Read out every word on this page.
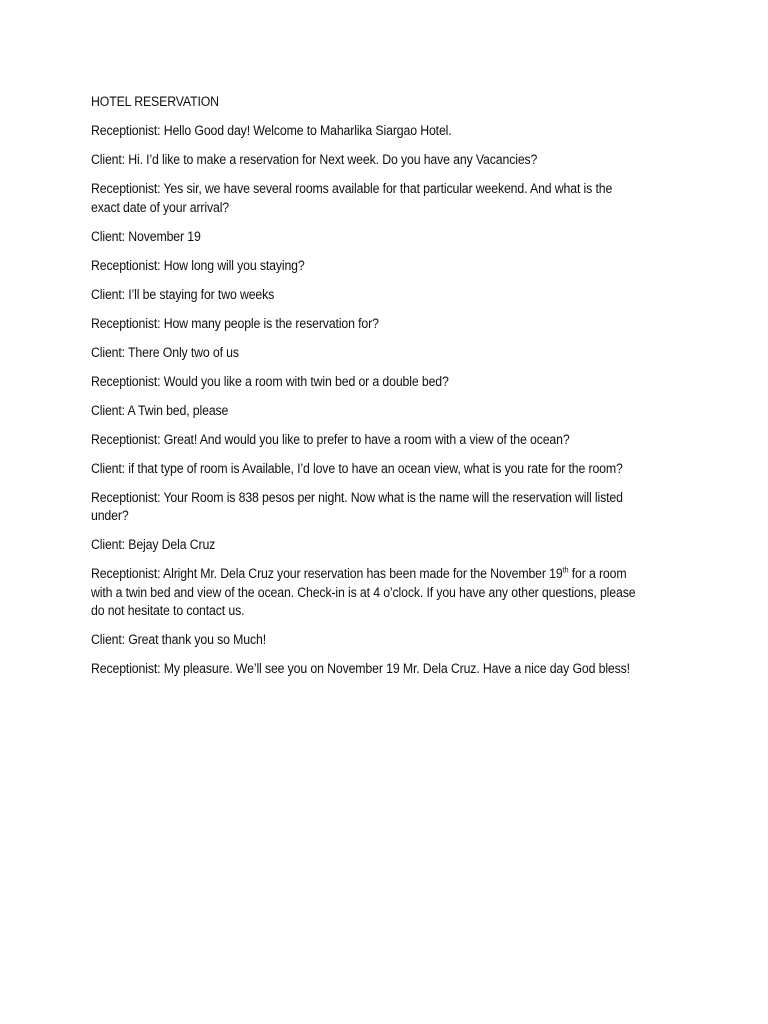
HOTEL RESERVATION

Receptionist: Hello Good day! Welcome to Maharlika Siargao Hotel.

Client: Hi. I’d like to make a reservation for Next week. Do you have any Vacancies?

Receptionist: Yes sir, we have several rooms available for that particular weekend. And what is the exact date of your arrival?

Client: November 19

Receptionist: How long will you staying?

Client: I’ll be staying for two weeks

Receptionist: How many people is the reservation for?

Client: There Only two of us

Receptionist: Would you like a room with twin bed or a double bed?

Client: A Twin bed, please

Receptionist: Great! And would you like to prefer to have a room with a view of the ocean?

Client: if that type of room is Available, I’d love to have an ocean view, what is you rate for the room?

Receptionist: Your Room is 838 pesos per night. Now what is the name will the reservation will listed under?

Client: Bejay Dela Cruz

Receptionist: Alright Mr. Dela Cruz your reservation has been made for the November 19th for a room with a twin bed and view of the ocean. Check-in is at 4 o’clock. If you have any other questions, please do not hesitate to contact us.

Client: Great thank you so Much!

Receptionist: My pleasure. We’ll see you on November 19 Mr. Dela Cruz. Have a nice day God bless!
